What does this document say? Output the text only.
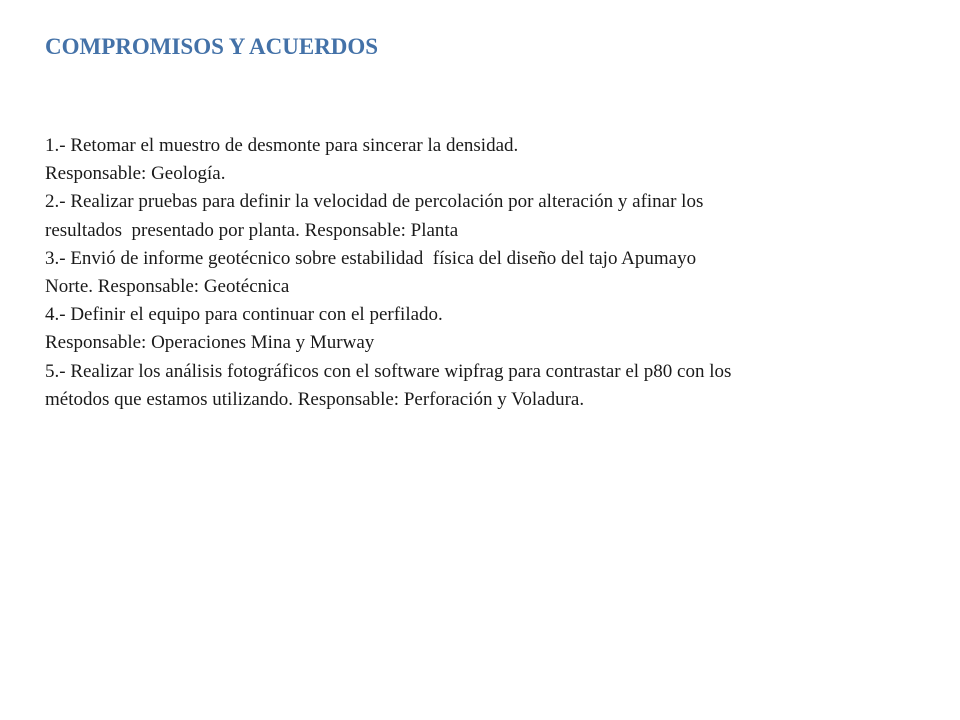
COMPROMISOS Y ACUERDOS
1.- Retomar el muestro de desmonte para sincerar la densidad.
Responsable: Geología.
2.- Realizar pruebas para definir la velocidad de percolación por alteración y afinar los
resultados  presentado por planta. Responsable: Planta
3.- Envió de informe geotécnico sobre estabilidad  física del diseño del tajo Apumayo
Norte. Responsable: Geotécnica
4.- Definir el equipo para continuar con el perfilado.
Responsable: Operaciones Mina y Murway
5.- Realizar los análisis fotográficos con el software wipfrag para contrastar el p80 con los
métodos que estamos utilizando. Responsable: Perforación y Voladura.
